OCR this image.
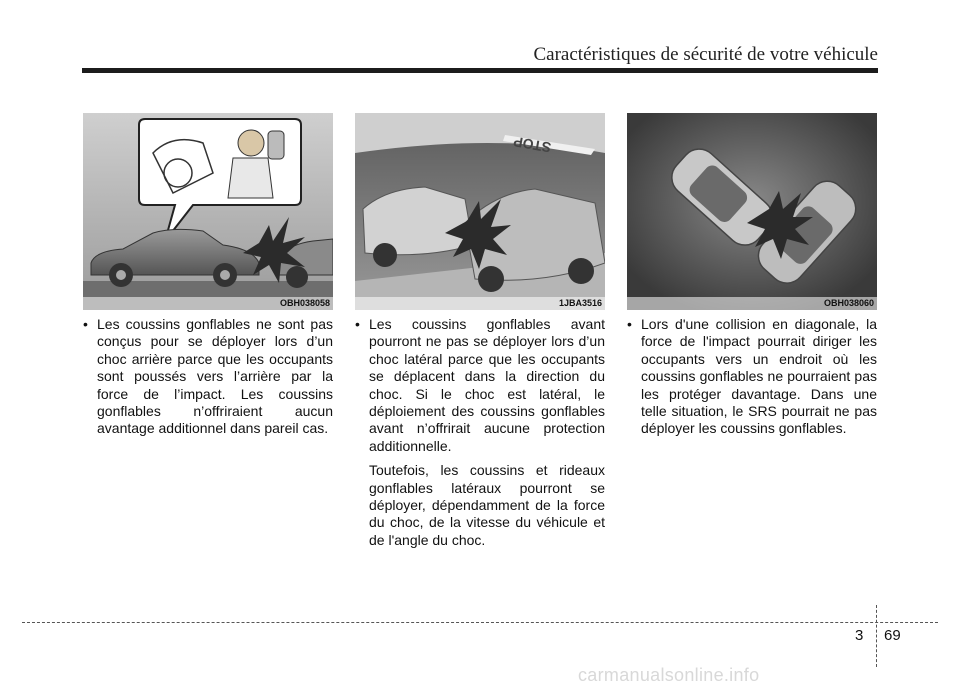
Caractéristiques de sécurité de votre véhicule
OBH038058
STOP
1JBA3516	OBH038060

• Les coussins gonflables ne sont pas conçus pour se déployer lors d’un choc arrière parce que les occupants sont poussés vers l’arrière par la force de l’impact. Les coussins gonflables n’offriraient aucun avantage additionnel dans pareil cas.

• Les coussins gonflables avant pourront ne pas se déployer lors d’un choc latéral parce que les occupants se déplacent dans la direction du choc. Si le choc est latéral, le déploiement des coussins gonflables avant n’offrirait aucune protection additionnelle.

Toutefois, les coussins et rideaux gonflables latéraux pourront se déployer, dépendamment de la force du choc, de la vitesse du véhicule et de l'angle du choc.

• Lors d'une collision en diagonale, la force de l'impact pourrait diriger les occupants vers un endroit où les coussins gonflables ne pourraient pas les protéger davantage. Dans une telle situation, le SRS pourrait ne pas déployer les coussins gonflables.

3 69
carmanualsonline.info
